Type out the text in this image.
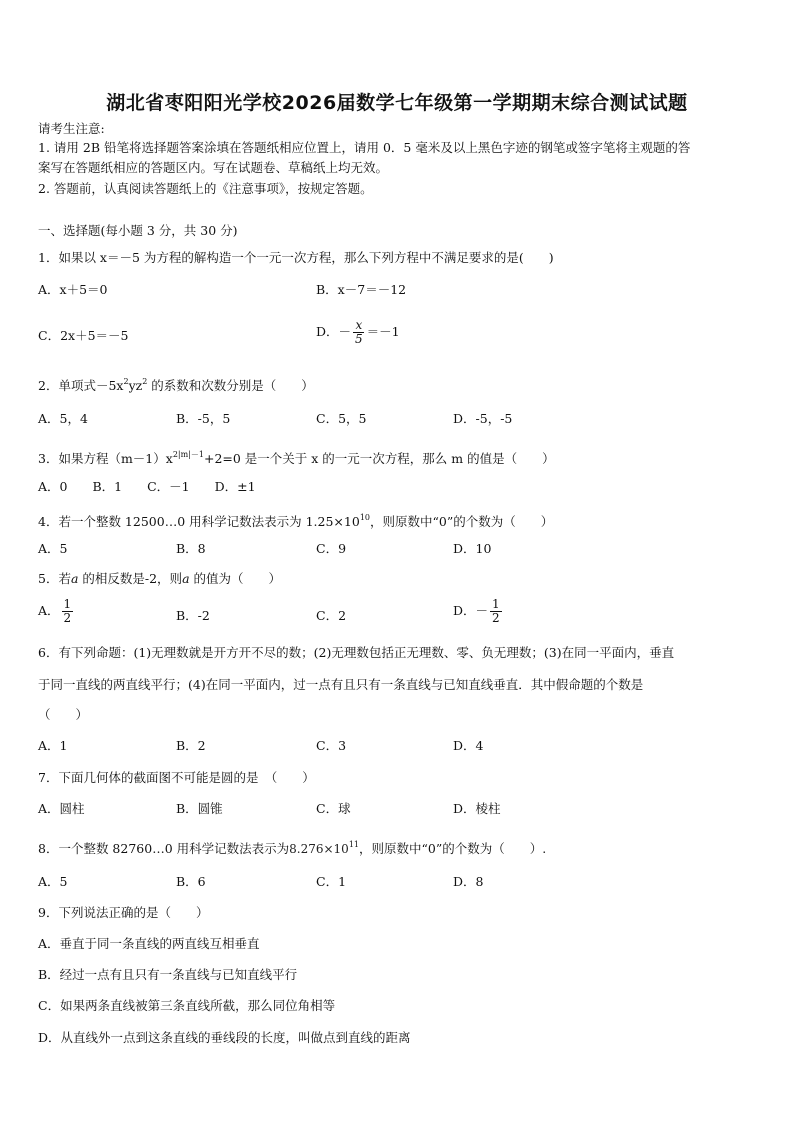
湖北省枣阳阳光学校2026届数学七年级第一学期期末综合测试试题
请考生注意:
1. 请用 2B 铅笔将选择题答案涂填在答题纸相应位置上，请用 0．5 毫米及以上黑色字迹的钢笔或签字笔将主观题的答
案写在答题纸相应的答题区内。写在试题卷、草稿纸上均无效。
2. 答题前，认真阅读答题纸上的《注意事项》，按规定答题。
一、选择题(每小题 3 分，共 30 分)
1．如果以 x＝－5 为方程的解构造一个一元一次方程，那么下列方程中不满足要求的是(　　)
A．x＋5＝0	B．x－7＝－12
C．2x＋5＝－5	D．－ $\frac{x}{5} =-1$
2．单项式$-5x^2yz^2$ 的系数和次数分别是（　　）
A．5，4	B．-5，5	C．5，5	D．-5，-5
3．如果方程$(m-1)x^{2|m|-1}+2=0$ 是一个关于 x 的一元一次方程，那么 m 的值是（　　）
A．0　　B．1　　C．－1　　D．±1
4．若一个整数 12500…0 用科学记数法表示为 $1.25\times 10^{10}$，则原数中“0”的个数为（　　）
A．5	B．8	C．9	D．10
5．若a 的相反数是-2，则a 的值为（　　）
A． $\frac{1}{2}$	B．-2	C．2	D．－ $\frac{1}{2}$
6．有下列命题：(1)无理数就是开方开不尽的数；(2)无理数包括正无理数、零、负无理数；(3)在同一平面内，垂直
于同一直线的两直线平行；(4)在同一平面内，过一点有且只有一条直线与已知直线垂直．其中假命题的个数是
（　　）
A．1	B．2	C．3	D．4
7．下面几何体的截面图不可能是圆的是　（　　）
A．圆柱	B．圆锥	C．球	D．棱柱
8．一个整数 82760…0 用科学记数法表示为$8.276\times 10^{11}$，则原数中“0”的个数为（　　）.
A．5	B．6	C．1	D．8
9．下列说法正确的是（　　）
A．垂直于同一条直线的两直线互相垂直
B．经过一点有且只有一条直线与已知直线平行
C．如果两条直线被第三条直线所截，那么同位角相等
D．从直线外一点到这条直线的垂线段的长度，叫做点到直线的距离
